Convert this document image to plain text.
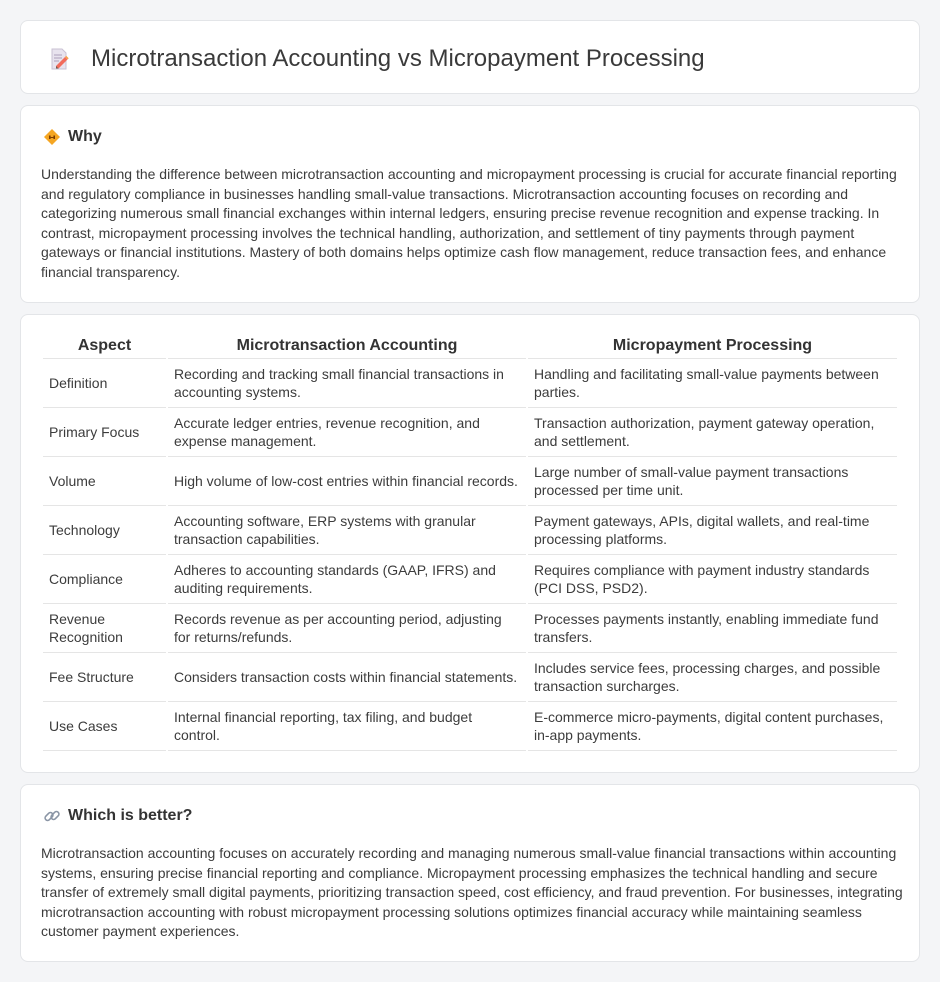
Microtransaction Accounting vs Micropayment Processing
Why

Understanding the difference between microtransaction accounting and micropayment processing is crucial for accurate financial reporting and regulatory compliance in businesses handling small-value transactions. Microtransaction accounting focuses on recording and categorizing numerous small financial exchanges within internal ledgers, ensuring precise revenue recognition and expense tracking. In contrast, micropayment processing involves the technical handling, authorization, and settlement of tiny payments through payment gateways or financial institutions. Mastery of both domains helps optimize cash flow management, reduce transaction fees, and enhance financial transparency.

Aspect	Microtransaction Accounting	Micropayment Processing
Definition	Recording and tracking small financial transactions in accounting systems.	Handling and facilitating small-value payments between parties.
Primary Focus	Accurate ledger entries, revenue recognition, and expense management.	Transaction authorization, payment gateway operation, and settlement.
Volume	High volume of low-cost entries within financial records.	Large number of small-value payment transactions processed per time unit.
Technology	Accounting software, ERP systems with granular transaction capabilities.	Payment gateways, APIs, digital wallets, and real-time processing platforms.
Compliance	Adheres to accounting standards (GAAP, IFRS) and auditing requirements.	Requires compliance with payment industry standards (PCI DSS, PSD2).
Revenue Recognition	Records revenue as per accounting period, adjusting for returns/refunds.	Processes payments instantly, enabling immediate fund transfers.
Fee Structure	Considers transaction costs within financial statements.	Includes service fees, processing charges, and possible transaction surcharges.
Use Cases	Internal financial reporting, tax filing, and budget control.	E-commerce micro-payments, digital content purchases, in-app payments.
Which is better?

Microtransaction accounting focuses on accurately recording and managing numerous small-value financial transactions within accounting systems, ensuring precise financial reporting and compliance. Micropayment processing emphasizes the technical handling and secure transfer of extremely small digital payments, prioritizing transaction speed, cost efficiency, and fraud prevention. For businesses, integrating microtransaction accounting with robust micropayment processing solutions optimizes financial accuracy while maintaining seamless customer payment experiences.
